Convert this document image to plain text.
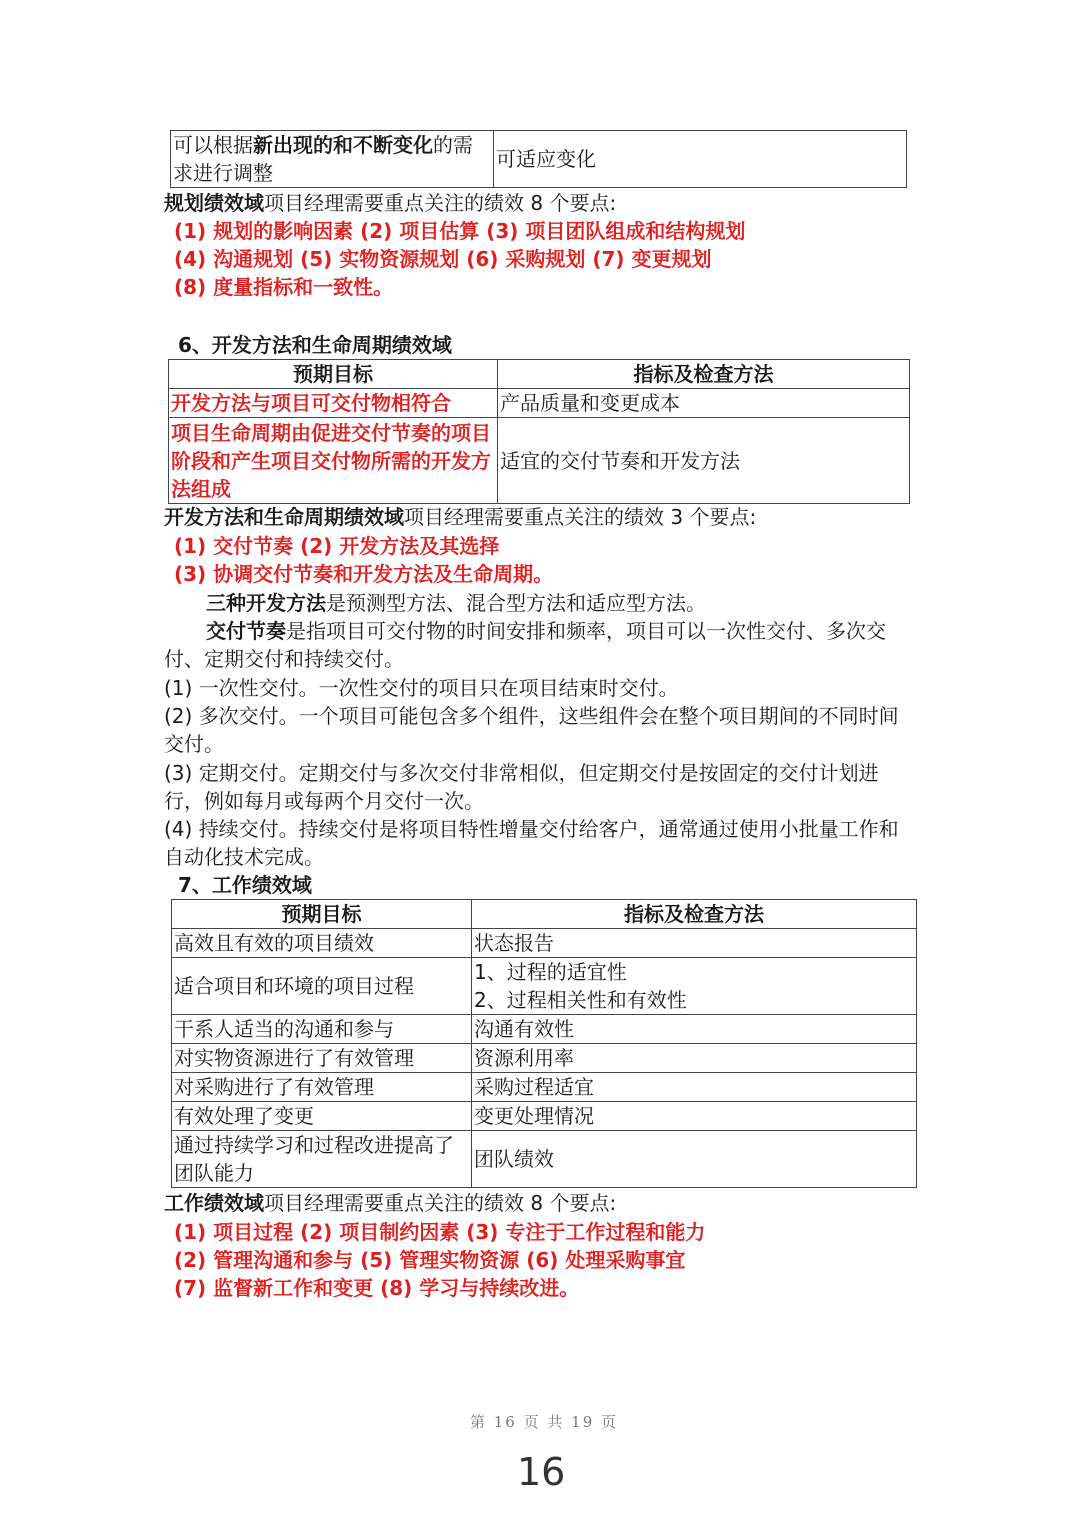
可以根据新出现的和不断变化的需求进行调整	可适应变化
规划绩效域项目经理需要重点关注的绩效 8 个要点:
(1) 规划的影响因素 (2) 项目估算 (3) 项目团队组成和结构规划
(4) 沟通规划 (5) 实物资源规划 (6) 采购规划 (7) 变更规划
(8) 度量指标和一致性。
6、开发方法和生命周期绩效域
预期目标	指标及检查方法
开发方法与项目可交付物相符合	产品质量和变更成本
项目生命周期由促进交付节奏的项目阶段和产生项目交付物所需的开发方法组成	适宜的交付节奏和开发方法
开发方法和生命周期绩效域项目经理需要重点关注的绩效 3 个要点:
(1) 交付节奏 (2) 开发方法及其选择
(3) 协调交付节奏和开发方法及生命周期。
三种开发方法是预测型方法、混合型方法和适应型方法。
交付节奏是指项目可交付物的时间安排和频率，项目可以一次性交付、多次交付、定期交付和持续交付。
(1) 一次性交付。一次性交付的项目只在项目结束时交付。
(2) 多次交付。一个项目可能包含多个组件，这些组件会在整个项目期间的不同时间交付。
(3) 定期交付。定期交付与多次交付非常相似，但定期交付是按固定的交付计划进行，例如每月或每两个月交付一次。
(4) 持续交付。持续交付是将项目特性增量交付给客户，通常通过使用小批量工作和自动化技术完成。
7、工作绩效域
预期目标	指标及检查方法
高效且有效的项目绩效	状态报告
适合项目和环境的项目过程	1、过程的适宜性
2、过程相关性和有效性

干系人适当的沟通和参与	沟通有效性
对实物资源进行了有效管理	资源利用率
对采购进行了有效管理	采购过程适宜
有效处理了变更	变更处理情况
通过持续学习和过程改进提高了团队能力	团队绩效
工作绩效域项目经理需要重点关注的绩效 8 个要点:
(1) 项目过程 (2) 项目制约因素 (3) 专注于工作过程和能力
(2) 管理沟通和参与 (5) 管理实物资源 (6) 处理采购事宜
(7) 监督新工作和变更 (8) 学习与持续改进。
第 16 页 共 19 页
16
